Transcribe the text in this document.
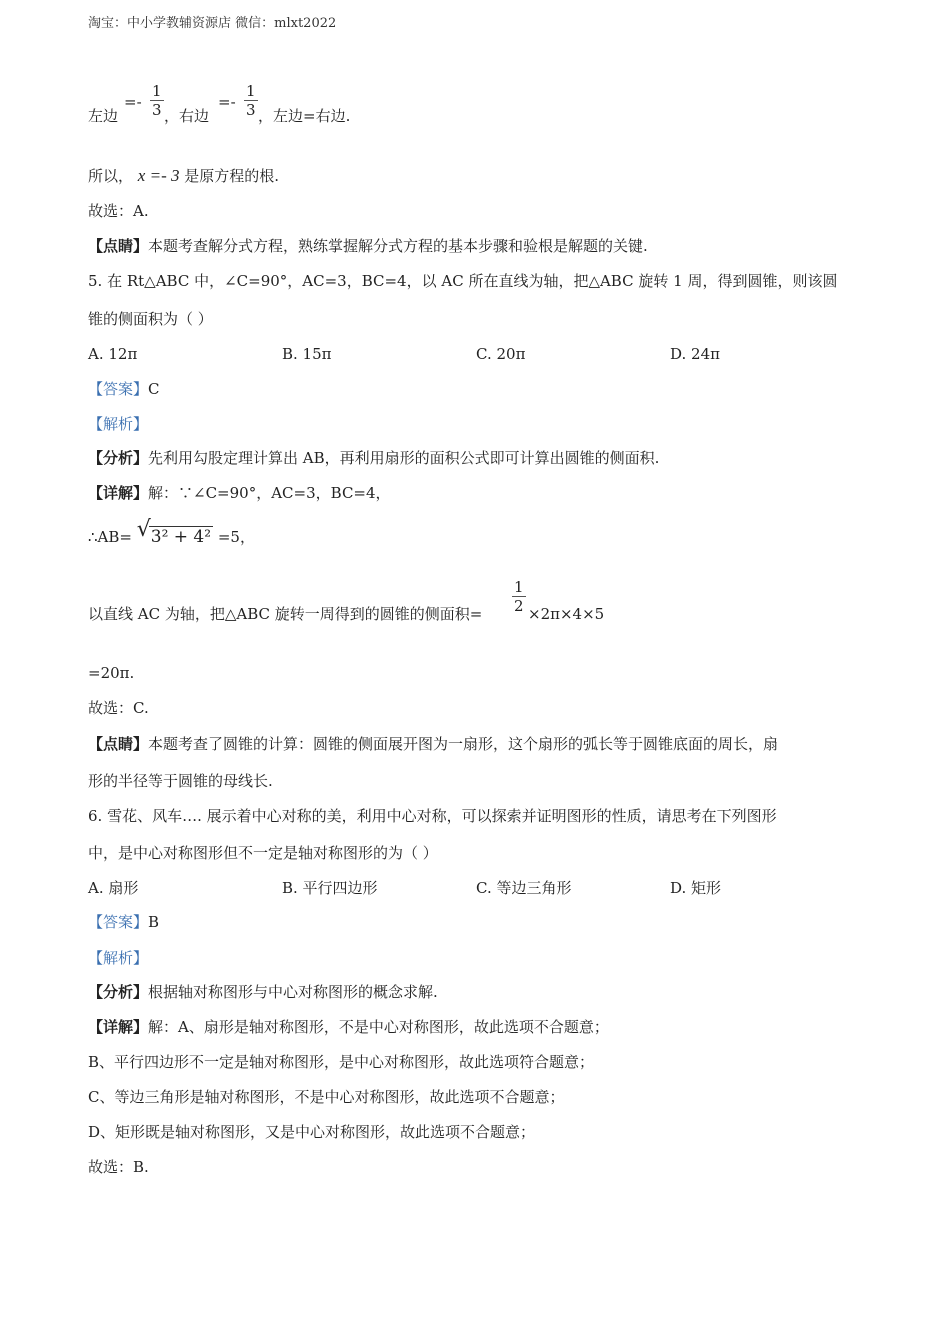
淘宝：中小学教辅资源店 微信：mlxt2022
左边
=- $\frac{1}{3}$ ，右边
=- $\frac{1}{3}$ ，左边=右边.
所以， x =- 3 是原方程的根.
故选：A.
【点睛】本题考查解分式方程，熟练掌握解分式方程的基本步骤和验根是解题的关键.
5. 在 Rt△ABC 中，∠C=90°，AC=3，BC=4，以 AC 所在直线为轴，把△ABC 旋转 1 周，得到圆锥，则该圆
锥的侧面积为（ ）
A. 12π	B. 15π	C. 20π	D. 24π
【答案】C
【解析】
【分析】先利用勾股定理计算出 AB，再利用扇形的面积公式即可计算出圆锥的侧面积.
【详解】解：∵∠C=90°，AC=3，BC=4，
∴AB= √ 3² + 4² =5，
以直线 AC 为轴，把△ABC 旋转一周得到的圆锥的侧面积= $\frac{1}{2} \times 2\pi\times 4\times 5$
=20π.
故选：C.
【点睛】本题考查了圆锥的计算：圆锥的侧面展开图为一扇形，这个扇形的弧长等于圆锥底面的周长，扇
形的半径等于圆锥的母线长.
6. 雪花、风车…. 展示着中心对称的美，利用中心对称，可以探索并证明图形的性质，请思考在下列图形
中，是中心对称图形但不一定是轴对称图形的为（ ）
A. 扇形	B. 平行四边形	C. 等边三角形	D. 矩形
【答案】B
【解析】
【分析】根据轴对称图形与中心对称图形的概念求解.
【详解】解：A、扇形是轴对称图形，不是中心对称图形，故此选项不合题意；
B、平行四边形不一定是轴对称图形，是中心对称图形，故此选项符合题意；
C、等边三角形是轴对称图形，不是中心对称图形，故此选项不合题意；
D、矩形既是轴对称图形，又是中心对称图形，故此选项不合题意；
故选：B.
